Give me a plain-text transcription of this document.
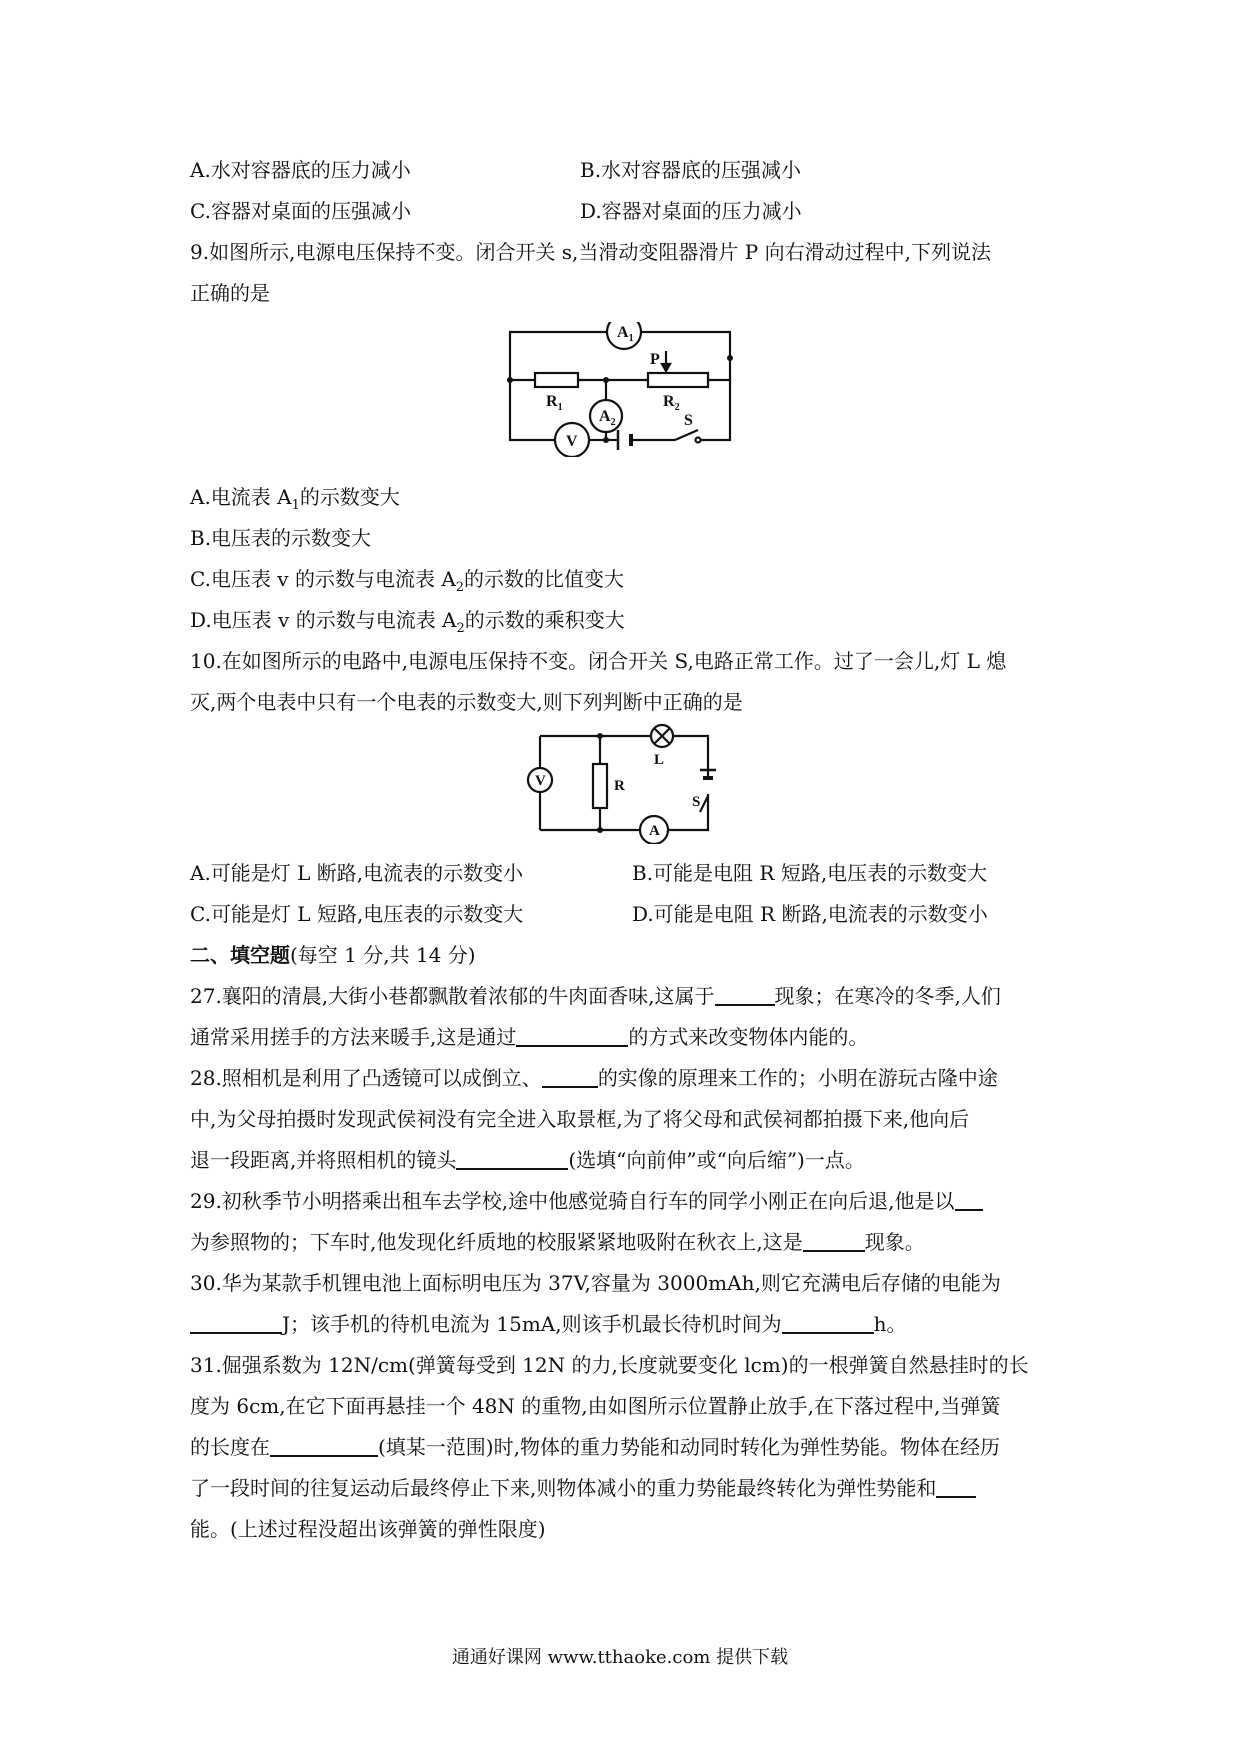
A.水对容器底的压力减小	B.水对容器底的压强减小
C.容器对桌面的压强减小	D.容器对桌面的压力减小
9.如图所示,电源电压保持不变。闭合开关 s,当滑动变阻器滑片 P 向右滑动过程中,下列说法
正确的是
$A_1$
$A_2$
V
$R_1$	$R_2$
P
S
A.电流表 $A_1$的示数变大
B.电压表的示数变大
C.电压表 v 的示数与电流表 $A_2$的示数的比值变大
D.电压表 v 的示数与电流表 $A_2$的示数的乘积变大
10.在如图所示的电路中,电源电压保持不变。闭合开关 S,电路正常工作。过了一会儿,灯 L 熄
灭,两个电表中只有一个电表的示数变大,则下列判断中正确的是
V	R
L
S
A
A.可能是灯 L 断路,电流表的示数变小	B.可能是电阻 R 短路,电压表的示数变大
C.可能是灯 L 短路,电压表的示数变大	D.可能是电阻 R 断路,电流表的示数变小
二、填空题(每空 1 分,共 14 分)
27.襄阳的清晨,大街小巷都飘散着浓郁的牛肉面香味,这属于	现象；在寒冷的冬季,人们
通常采用搓手的方法来暖手,这是通过	的方式来改变物体内能的。
28.照相机是利用了凸透镜可以成倒立、	的实像的原理来工作的；小明在游玩古隆中途
中,为父母拍摄时发现武侯祠没有完全进入取景框,为了将父母和武侯祠都拍摄下来,他向后
退一段距离,并将照相机的镜头	(选填“向前伸”或“向后缩”)一点。
29.初秋季节小明搭乘出租车去学校,途中他感觉骑自行车的同学小刚正在向后退,他是以
为参照物的；下车时,他发现化纤质地的校服紧紧地吸附在秋衣上,这是	现象。
30.华为某款手机锂电池上面标明电压为 37V,容量为 3000mAh,则它充满电后存储的电能为
J；该手机的待机电流为 15mA,则该手机最长待机时间为	h。
31.倔强系数为 12N/cm(弹簧每受到 12N 的力,长度就要变化 lcm)的一根弹簧自然悬挂时的长
度为 6cm,在它下面再悬挂一个 48N 的重物,由如图所示位置静止放手,在下落过程中,当弹簧
的长度在	(填某一范围)时,物体的重力势能和动同时转化为弹性势能。物体在经历
了一段时间的往复运动后最终停止下来,则物体减小的重力势能最终转化为弹性势能和
能。(上述过程没超出该弹簧的弹性限度)
通通好课网 www.tthaoke.com 提供下载
